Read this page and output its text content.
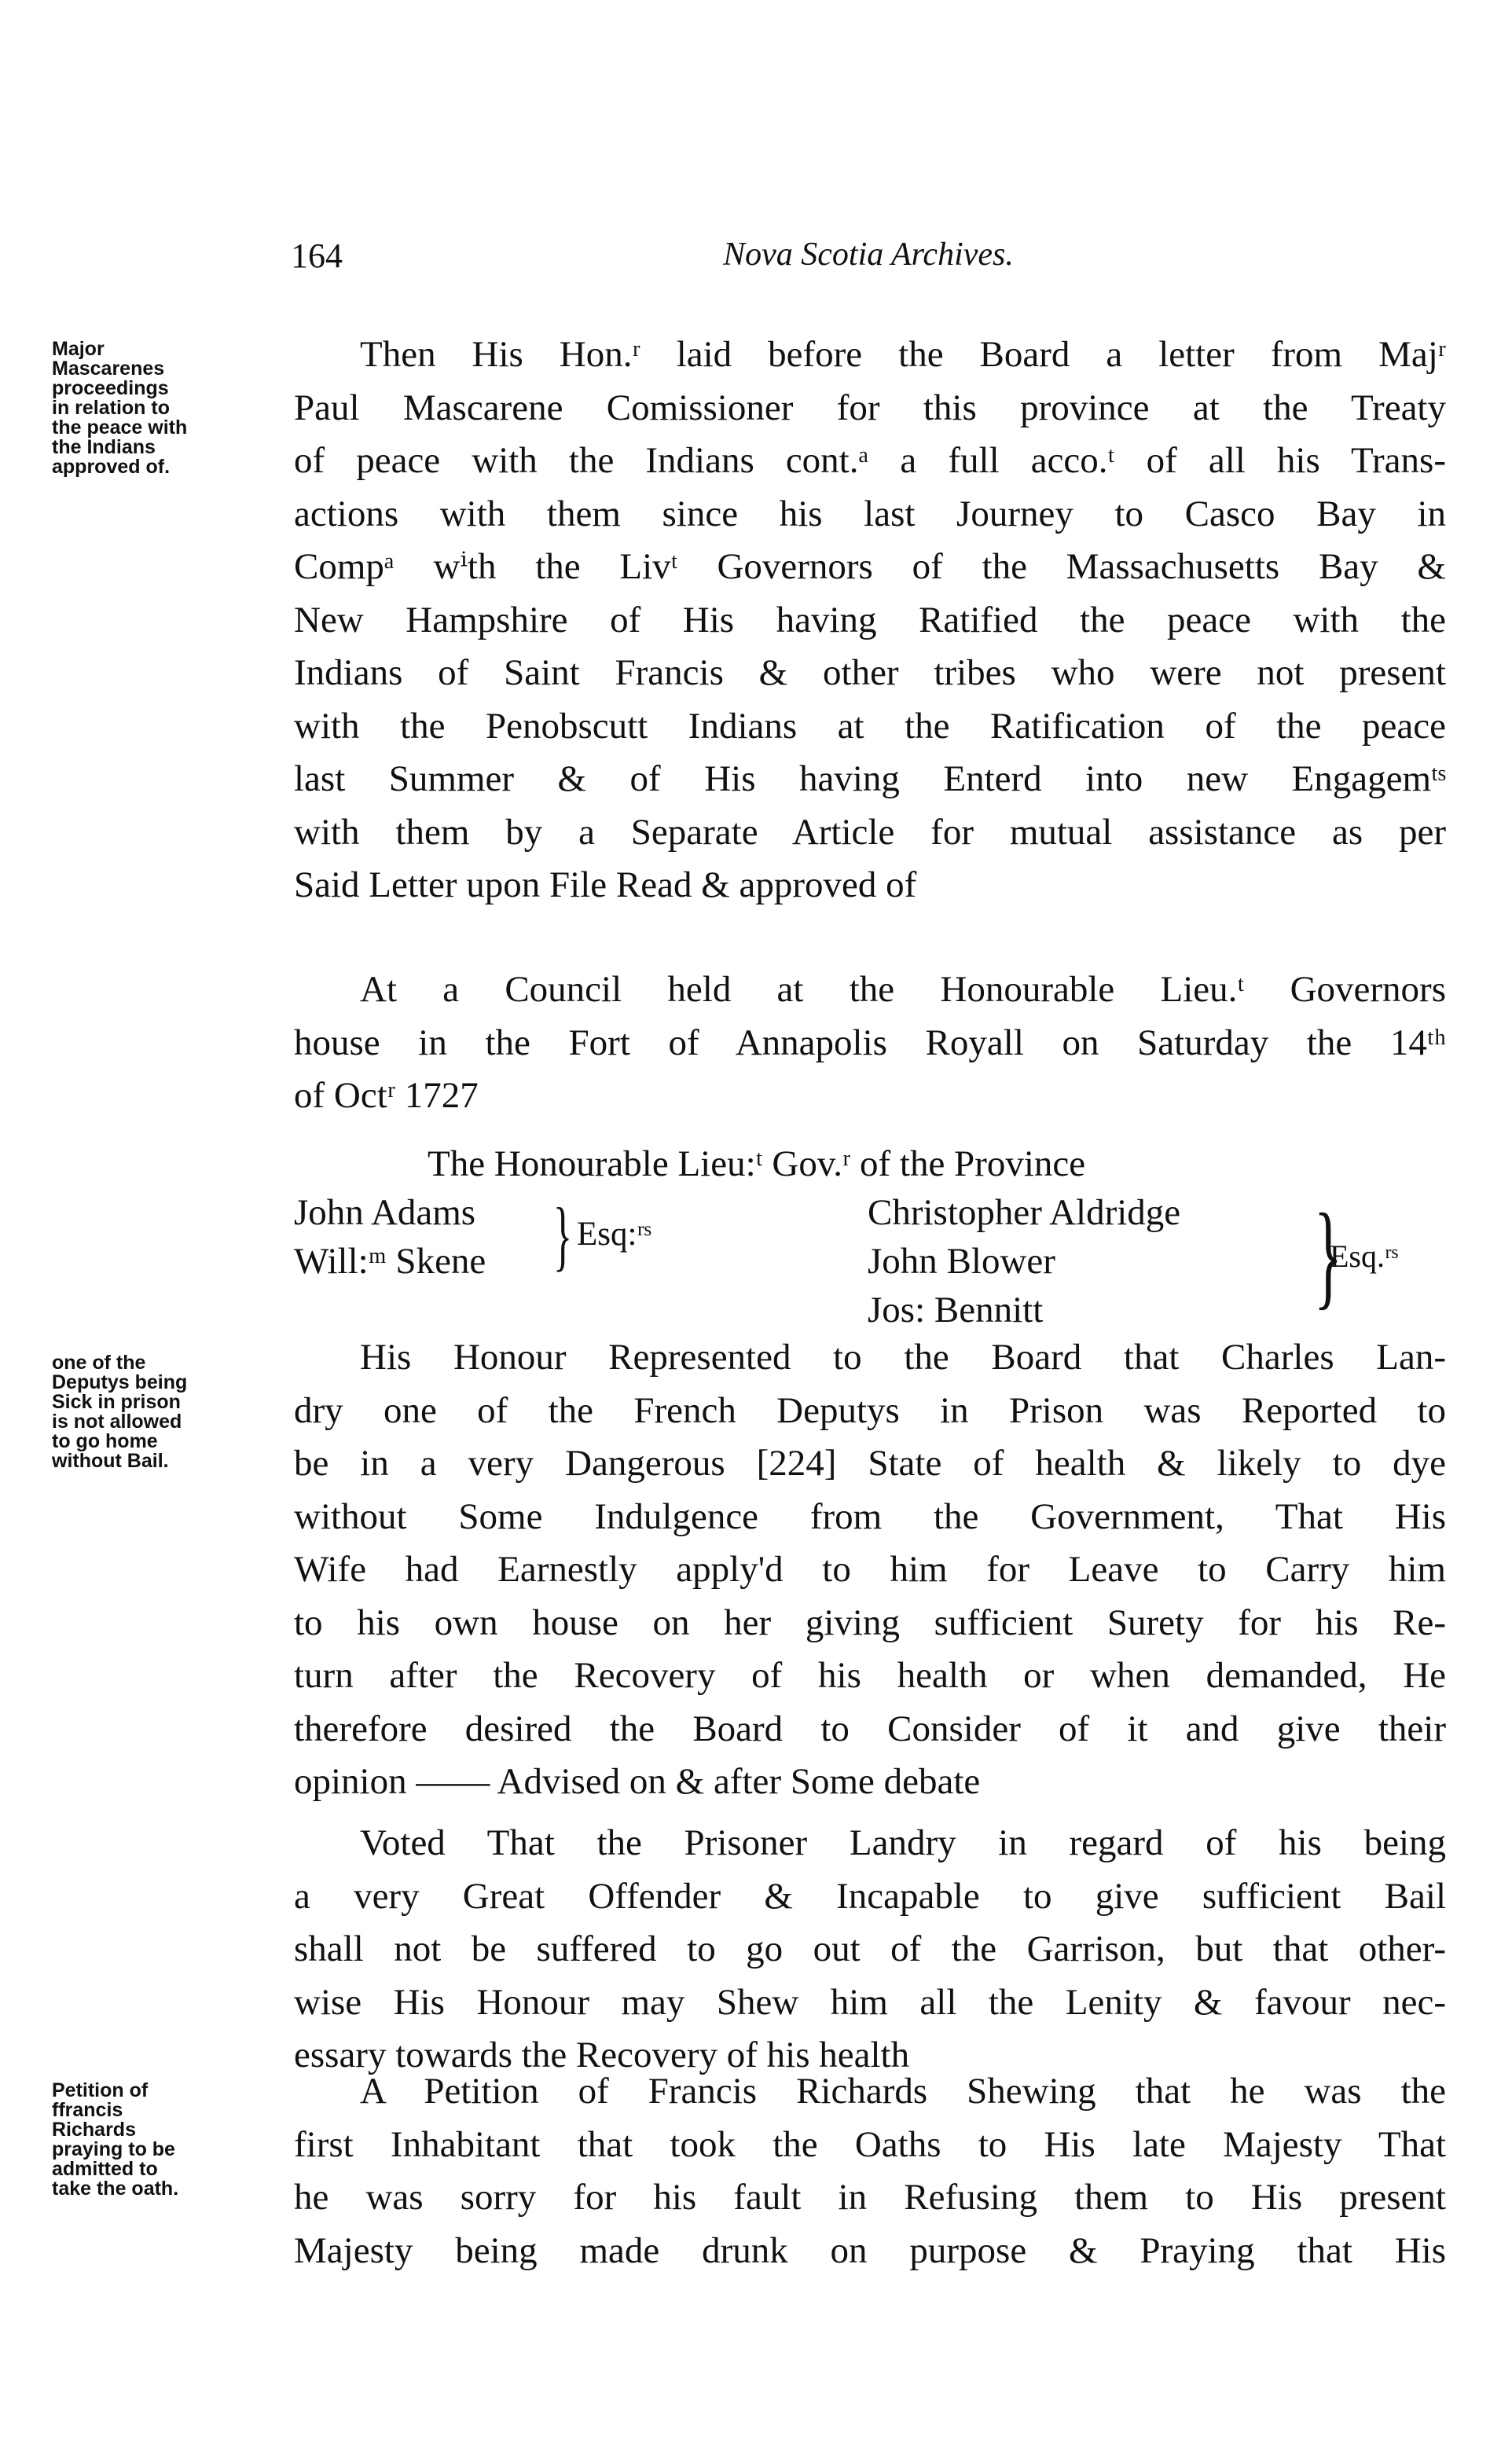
164	Nova Scotia Archives.
Major
Mascarenes
proceedings
in relation to
the peace with
the Indians
approved of.
Then His Hon.ʳ laid before the Board a letter from Majʳ
Paul Mascarene Comissioner for this province at the Treaty
of peace with the Indians cont.ᵃ a full acco.ᵗ of all his Trans-
actions with them since his last Journey to Casco Bay in
Compᵃ wⁱth the Livᵗ Governors of the Massachusetts Bay &
New Hampshire of His having Ratified the peace with the
Indians of Saint Francis & other tribes who were not present
with the Penobscutt Indians at the Ratification of the peace
last Summer & of His having Enterd into new Engagemᵗˢ
with them by a Separate Article for mutual assistance as per
Said Letter upon File Read & approved of
At a Council held at the Honourable Lieu.ᵗ Governors
house in the Fort of Annapolis Royall on Saturday the 14ᵗʰ
of Octʳ 1727
The Honourable Lieu:ᵗ Gov.ʳ of the Province
John Adams
Will:ᵐ Skene } Esq:ʳˢ
Christopher Aldridge
John Blower
Jos: Bennitt	}
Esq.ʳˢ
one of the
Deputys being
Sick in prison
is not allowed
to go home
without Bail.
His Honour Represented to the Board that Charles Lan-
dry one of the French Deputys in Prison was Reported to
be in a very Dangerous [224] State of health & likely to dye
without Some Indulgence from the Government, That His
Wife had Earnestly apply'd to him for Leave to Carry him
to his own house on her giving sufficient Surety for his Re-
turn after the Recovery of his health or when demanded, He
therefore desired the Board to Consider of it and give their
opinion —— Advised on & after Some debate
Voted That the Prisoner Landry in regard of his being
a very Great Offender & Incapable to give sufficient Bail
shall not be suffered to go out of the Garrison, but that other-
wise His Honour may Shew him all the Lenity & favour nec-
essary towards the Recovery of his health
Petition of
ffrancis
Richards
praying to be
admitted to
take the oath.
A Petition of Francis Richards Shewing that he was the
first Inhabitant that took the Oaths to His late Majesty That
he was sorry for his fault in Refusing them to His present
Majesty being made drunk on purpose & Praying that His
